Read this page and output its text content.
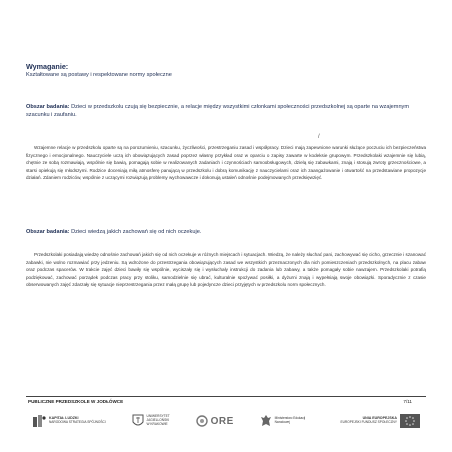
Wymaganie:
Kształtowane są postawy i respektowane normy społeczne
Obszar badania: Dzieci w przedszkolu czują się bezpiecznie, a relacje między wszystkimi członkami społeczności przedszkolnej są oparte na wzajemnym szacunku i zaufaniu.
/
Wzajemne relacje w przedszkolu oparte są na porozumieniu, szacunku, życzliwości, przestrzeganiu zasad i współpracy. Dzieci mają zapewnione warunki służące poczuciu ich bezpieczeństwa fizycznego i emocjonalnego. Nauczyciele uczą ich obowiązujących zasad poprzez własny przykład oraz w oparciu o zapisy zawarte w kodeksie grupowym. Przedszkolaki wzajemnie się lubią, chętnie ze sobą rozmawiają, wspólnie się bawią, pomagają sobie w realizowanych zadaniach i czynnościach samoobsługowych, dzielą się zabawkami, znają i stosują zwroty grzecznościowe, a starsi opiekują się młodszymi. Rodzice doceniają miłą atmosferę panującą w przedszkolu i dobrą komunikację z nauczycielami oraz ich zaangażowanie i otwartość na przedstawiane propozycje działań. Zdaniem rodziców, wspólnie z uczącymi rozwiązują problemy wychowawcze i dokonują ustaleń odnośnie podejmowanych przedsięwzięć.
Obszar badania: Dzieci wiedzą jakich zachowań się od nich oczekuje.
Przedszkolaki posiadają wiedzę odnośnie zachowań jakich się od nich oczekuje w różnych miejscach i sytuacjach. Wiedzą, że należy słuchać pani, zachowywać się cicho, grzecznie i szanować zabawki, nie wolno rozmawiać przy jedzeniu. Są wdrożone do przestrzegania obowiązujących zasad we wszystkich przeznaczonych dla nich pomieszczeniach przedszkolnych, na placu zabaw oraz podczas spacerów. W trakcie zajęć dzieci bawiły się wspólnie, wyciszały się i wysłuchały instrukcji do zadania lub zabawy, a także pomagały sobie nawzajem. Przedszkolaki potrafią podziękować, zachować porządek podczas pracy przy stoliku, samodzielnie się ubrać, kulturalnie spożywać posiłki, a dyżurni znają i wypełniają swoje obowiązki. Sporadycznie z czasie obserwowanych zajęć zdarzały się sytuacje nieprzestrzegania przez małą grupę lub pojedyncze dzieci przyjętych w przedszkolu norm społecznych.
PUBLICZNE PRZEDSZKOLE W JODŁÓWCE	7/11
KAPITAŁ LUDZKI
NARODOWA STRATEGIA SPÓJNOŚCI
UNIWERSYTET
JAGIELLOŃSKI
W KRAKOWIE	ORE	Ministerstwo Edukacji Narodowej
UNIA EUROPEJSKA
EUROPEJSKI FUNDUSZ SPOŁECZNY
